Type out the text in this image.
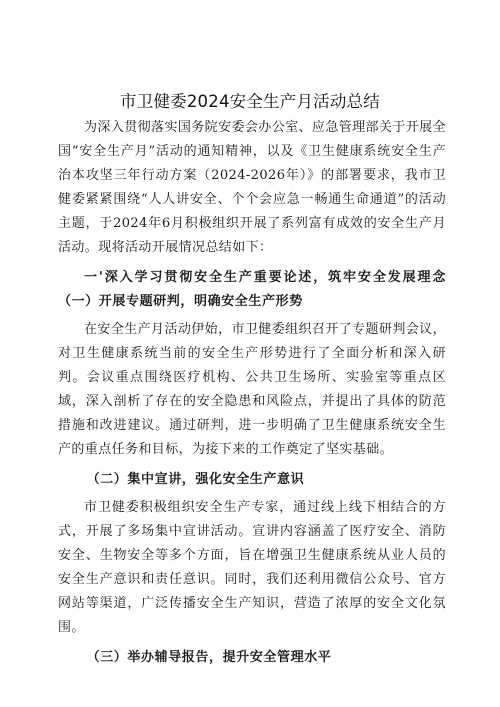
市卫健委2024安全生产月活动总结

为深入贯彻落实国务院安委会办公室、应急管理部关于开展全国“安全生产月”活动的通知精神，以及《卫生健康系统安全生产治本攻坚三年行动方案（2024-2026年）》的部署要求，我市卫健委紧紧围绕“人人讲安全、个个会应急一畅通生命通道”的活动主题，于2024年6月积极组织开展了系列富有成效的安全生产月活动。现将活动开展情况总结如下：

一'深入学习贯彻安全生产重要论述，筑牢安全发展理念（一）开展专题研判，明确安全生产形势

在安全生产月活动伊始，市卫健委组织召开了专题研判会议，对卫生健康系统当前的安全生产形势进行了全面分析和深入研判。会议重点围绕医疗机构、公共卫生场所、实验室等重点区域，深入剖析了存在的安全隐患和风险点，并提出了具体的防范措施和改进建议。通过研判，进一步明确了卫生健康系统安全生产的重点任务和目标，为接下来的工作奠定了坚实基础。

（二）集中宣讲，强化安全生产意识

市卫健委积极组织安全生产专家，通过线上线下相结合的方式，开展了多场集中宣讲活动。宣讲内容涵盖了医疗安全、消防安全、生物安全等多个方面，旨在增强卫生健康系统从业人员的安全生产意识和责任意识。同时，我们还利用微信公众号、官方网站等渠道，广泛传播安全生产知识，营造了浓厚的安全文化氛围。

（三）举办辅导报告，提升安全管理水平
